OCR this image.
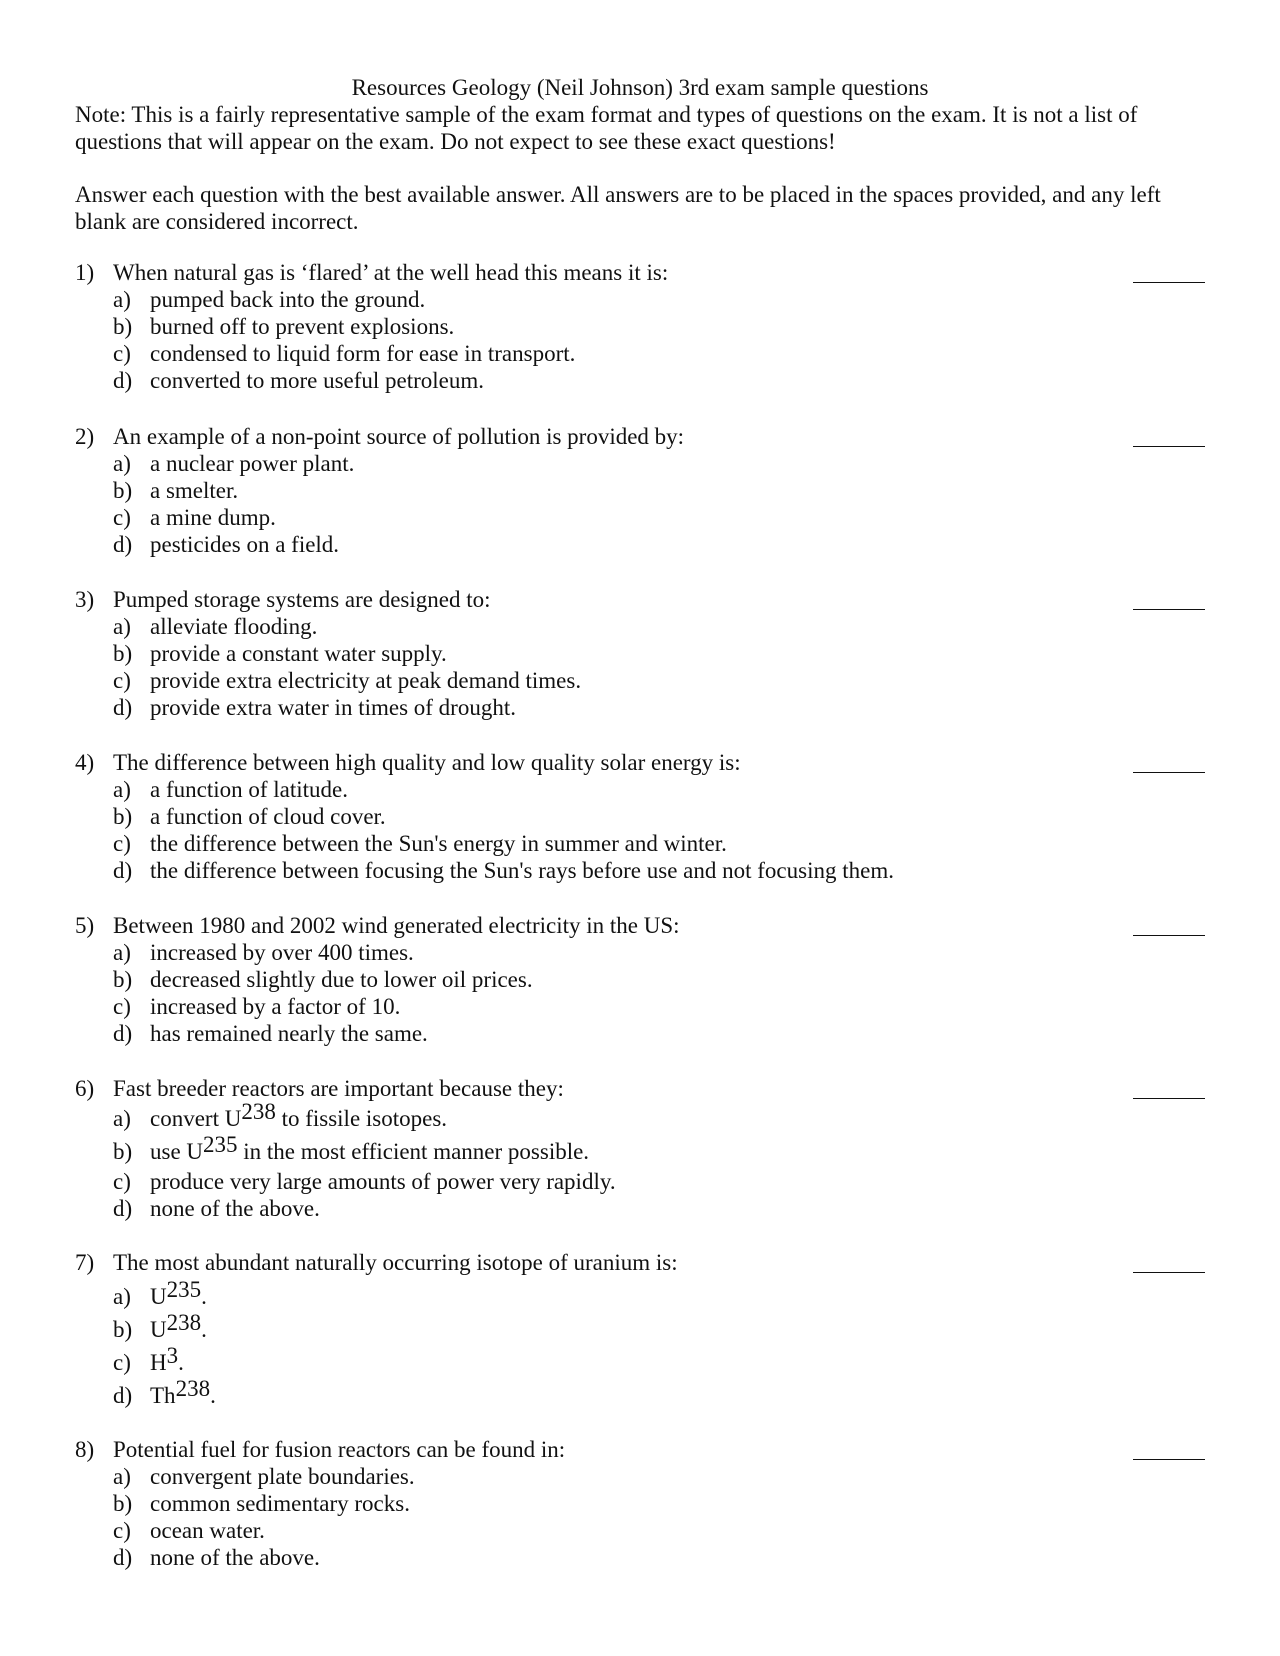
Resources Geology (Neil Johnson) 3rd exam sample questions

Note: This is a fairly representative sample of the exam format and types of questions on the exam. It is not a list of questions that will appear on the exam. Do not expect to see these exact questions!

Answer each question with the best available answer. All answers are to be placed in the spaces provided, and any left blank are considered incorrect.

1) When natural gas is ‘flared’ at the well head this means it is:
a) pumped back into the ground.
b) burned off to prevent explosions.
c) condensed to liquid form for ease in transport.
d) converted to more useful petroleum.
2) An example of a non-point source of pollution is provided by:
a) a nuclear power plant.
b) a smelter.
c) a mine dump.
d) pesticides on a field.
3) Pumped storage systems are designed to:
a) alleviate flooding.
b) provide a constant water supply.
c) provide extra electricity at peak demand times.
d) provide extra water in times of drought.
4) The difference between high quality and low quality solar energy is:
a) a function of latitude.
b) a function of cloud cover.
c) the difference between the Sun's energy in summer and winter.
d) the difference between focusing the Sun's rays before use and not focusing them.
5) Between 1980 and 2002 wind generated electricity in the US:
a) increased by over 400 times.
b) decreased slightly due to lower oil prices.
c) increased by a factor of 10.
d) has remained nearly the same.
6) Fast breeder reactors are important because they:
a) convert U238 to fissile isotopes.
b) use U235 in the most efficient manner possible.
c) produce very large amounts of power very rapidly.
d) none of the above.
7) The most abundant naturally occurring isotope of uranium is:
a) U235.
b) U238.
c) H3.
d) Th238.
8) Potential fuel for fusion reactors can be found in:
a) convergent plate boundaries.
b) common sedimentary rocks.
c) ocean water.
d) none of the above.
